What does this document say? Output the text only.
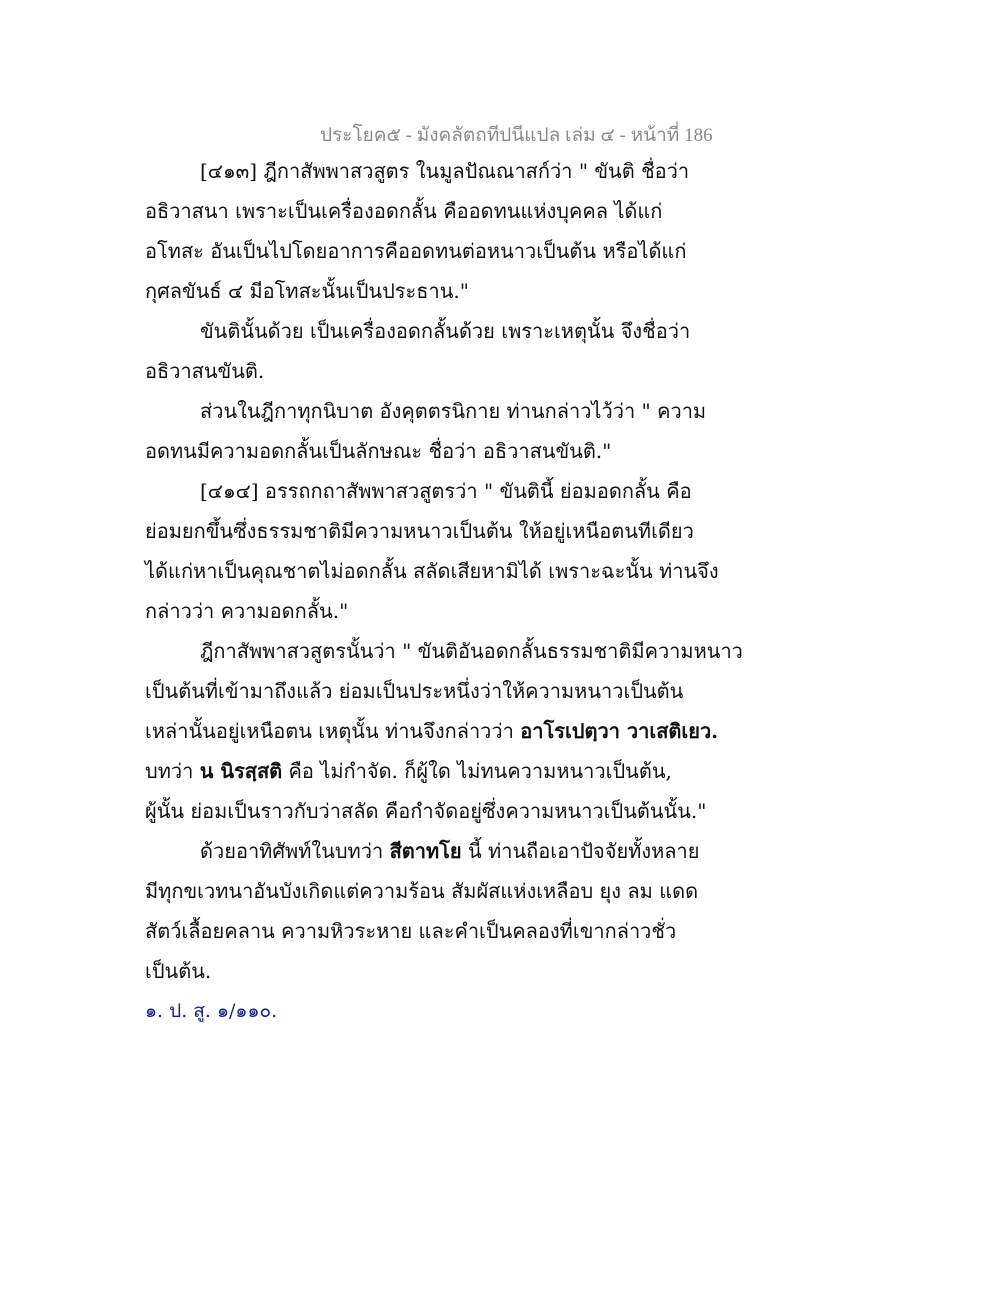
ประโยค๕ - มังคลัตถทีปนีแปล เล่ม ๔ - หน้าที่ 186
[๔๑๓] ฎีกาสัพพาสวสูตร ในมูลปัณณาสก์ว่า " ขันติ ชื่อว่า
อธิวาสนา เพราะเป็นเครื่องอดกลั้น คืออดทนแห่งบุคคล ได้แก่
อโทสะ อันเป็นไปโดยอาการคืออดทนต่อหนาวเป็นต้น หรือได้แก่
กุศลขันธ์ ๔ มีอโทสะนั้นเป็นประธาน."
ขันตินั้นด้วย เป็นเครื่องอดกลั้นด้วย เพราะเหตุนั้น จึงชื่อว่า
อธิวาสนขันติ.
ส่วนในฎีกาทุกนิบาต อังคุตตรนิกาย ท่านกล่าวไว้ว่า " ความ
อดทนมีความอดกลั้นเป็นลักษณะ ชื่อว่า อธิวาสนขันติ."
[๔๑๔] อรรถกถาสัพพาสวสูตรว่า " ขันตินี้ ย่อมอดกลั้น คือ
ย่อมยกขึ้นซึ่งธรรมชาติมีความหนาวเป็นต้น ให้อยู่เหนือตนทีเดียว
ได้แก่หาเป็นคุณชาตไม่อดกลั้น สลัดเสียหามิได้ เพราะฉะนั้น ท่านจึง
กล่าวว่า ความอดกลั้น."
ฎีกาสัพพาสวสูตรนั้นว่า " ขันติอันอดกลั้นธรรมชาติมีความหนาว
เป็นต้นที่เข้ามาถึงแล้ว ย่อมเป็นประหนึ่งว่าให้ความหนาวเป็นต้น
เหล่านั้นอยู่เหนือตน เหตุนั้น ท่านจึงกล่าวว่า อาโรเปตฺวา วาเสติเยว.
บทว่า น นิรสฺสติ คือ ไม่กำจัด. ก็ผู้ใด ไม่ทนความหนาวเป็นต้น,
ผู้นั้น ย่อมเป็นราวกับว่าสลัด คือกำจัดอยู่ซึ่งความหนาวเป็นต้นนั้น."
ด้วยอาทิศัพท์ในบทว่า สีตาทโย นี้ ท่านถือเอาปัจจัยทั้งหลาย
มีทุกขเวทนาอันบังเกิดแต่ความร้อน สัมผัสแห่งเหลือบ ยุง ลม แดด
สัตว์เลื้อยคลาน ความหิวระหาย และคำเป็นคลองที่เขากล่าวชั่ว
เป็นต้น.
๑. ป. สู. ๑/๑๑๐.
